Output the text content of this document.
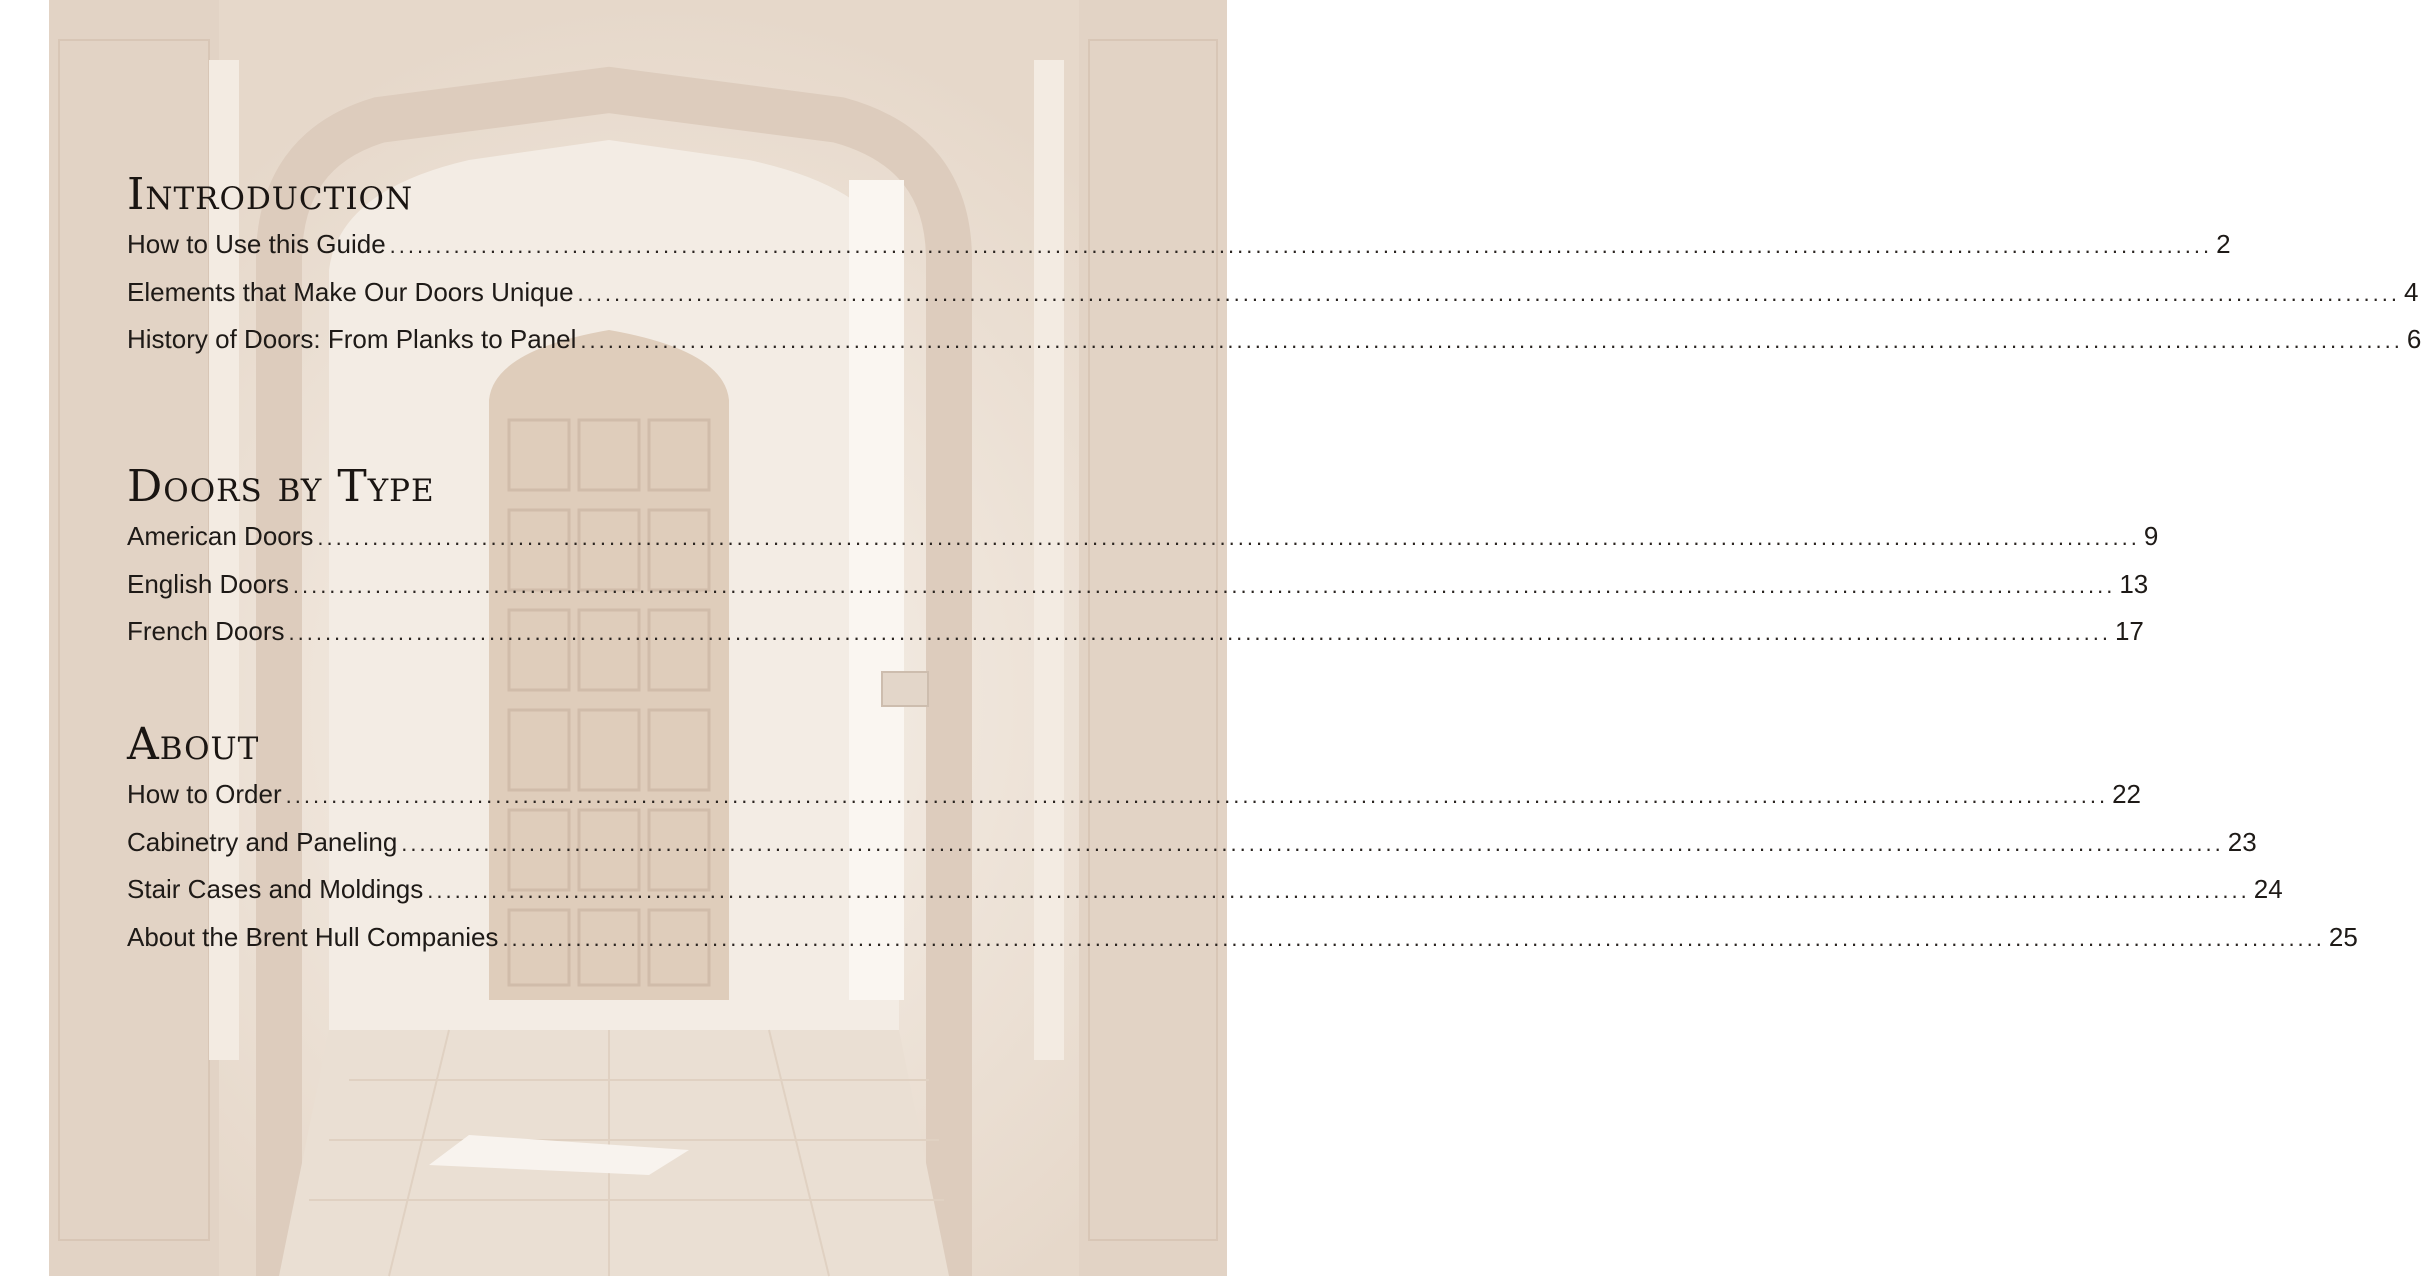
Introduction
How to Use this Guide ........................................................................................................................................................................................................ 2
Elements that Make Our Doors Unique ........................................................................................................................................................................................................ 4
History of Doors: From Planks to Panel ........................................................................................................................................................................................................ 6
Doors by Type
American Doors ........................................................................................................................................................................................................ 9
English Doors ........................................................................................................................................................................................................ 13
French Doors ........................................................................................................................................................................................................ 17
About
How to Order ........................................................................................................................................................................................................ 22
Cabinetry and Paneling ........................................................................................................................................................................................................ 23
Stair Cases and Moldings ........................................................................................................................................................................................................ 24
About the Brent Hull Companies ........................................................................................................................................................................................................ 25
